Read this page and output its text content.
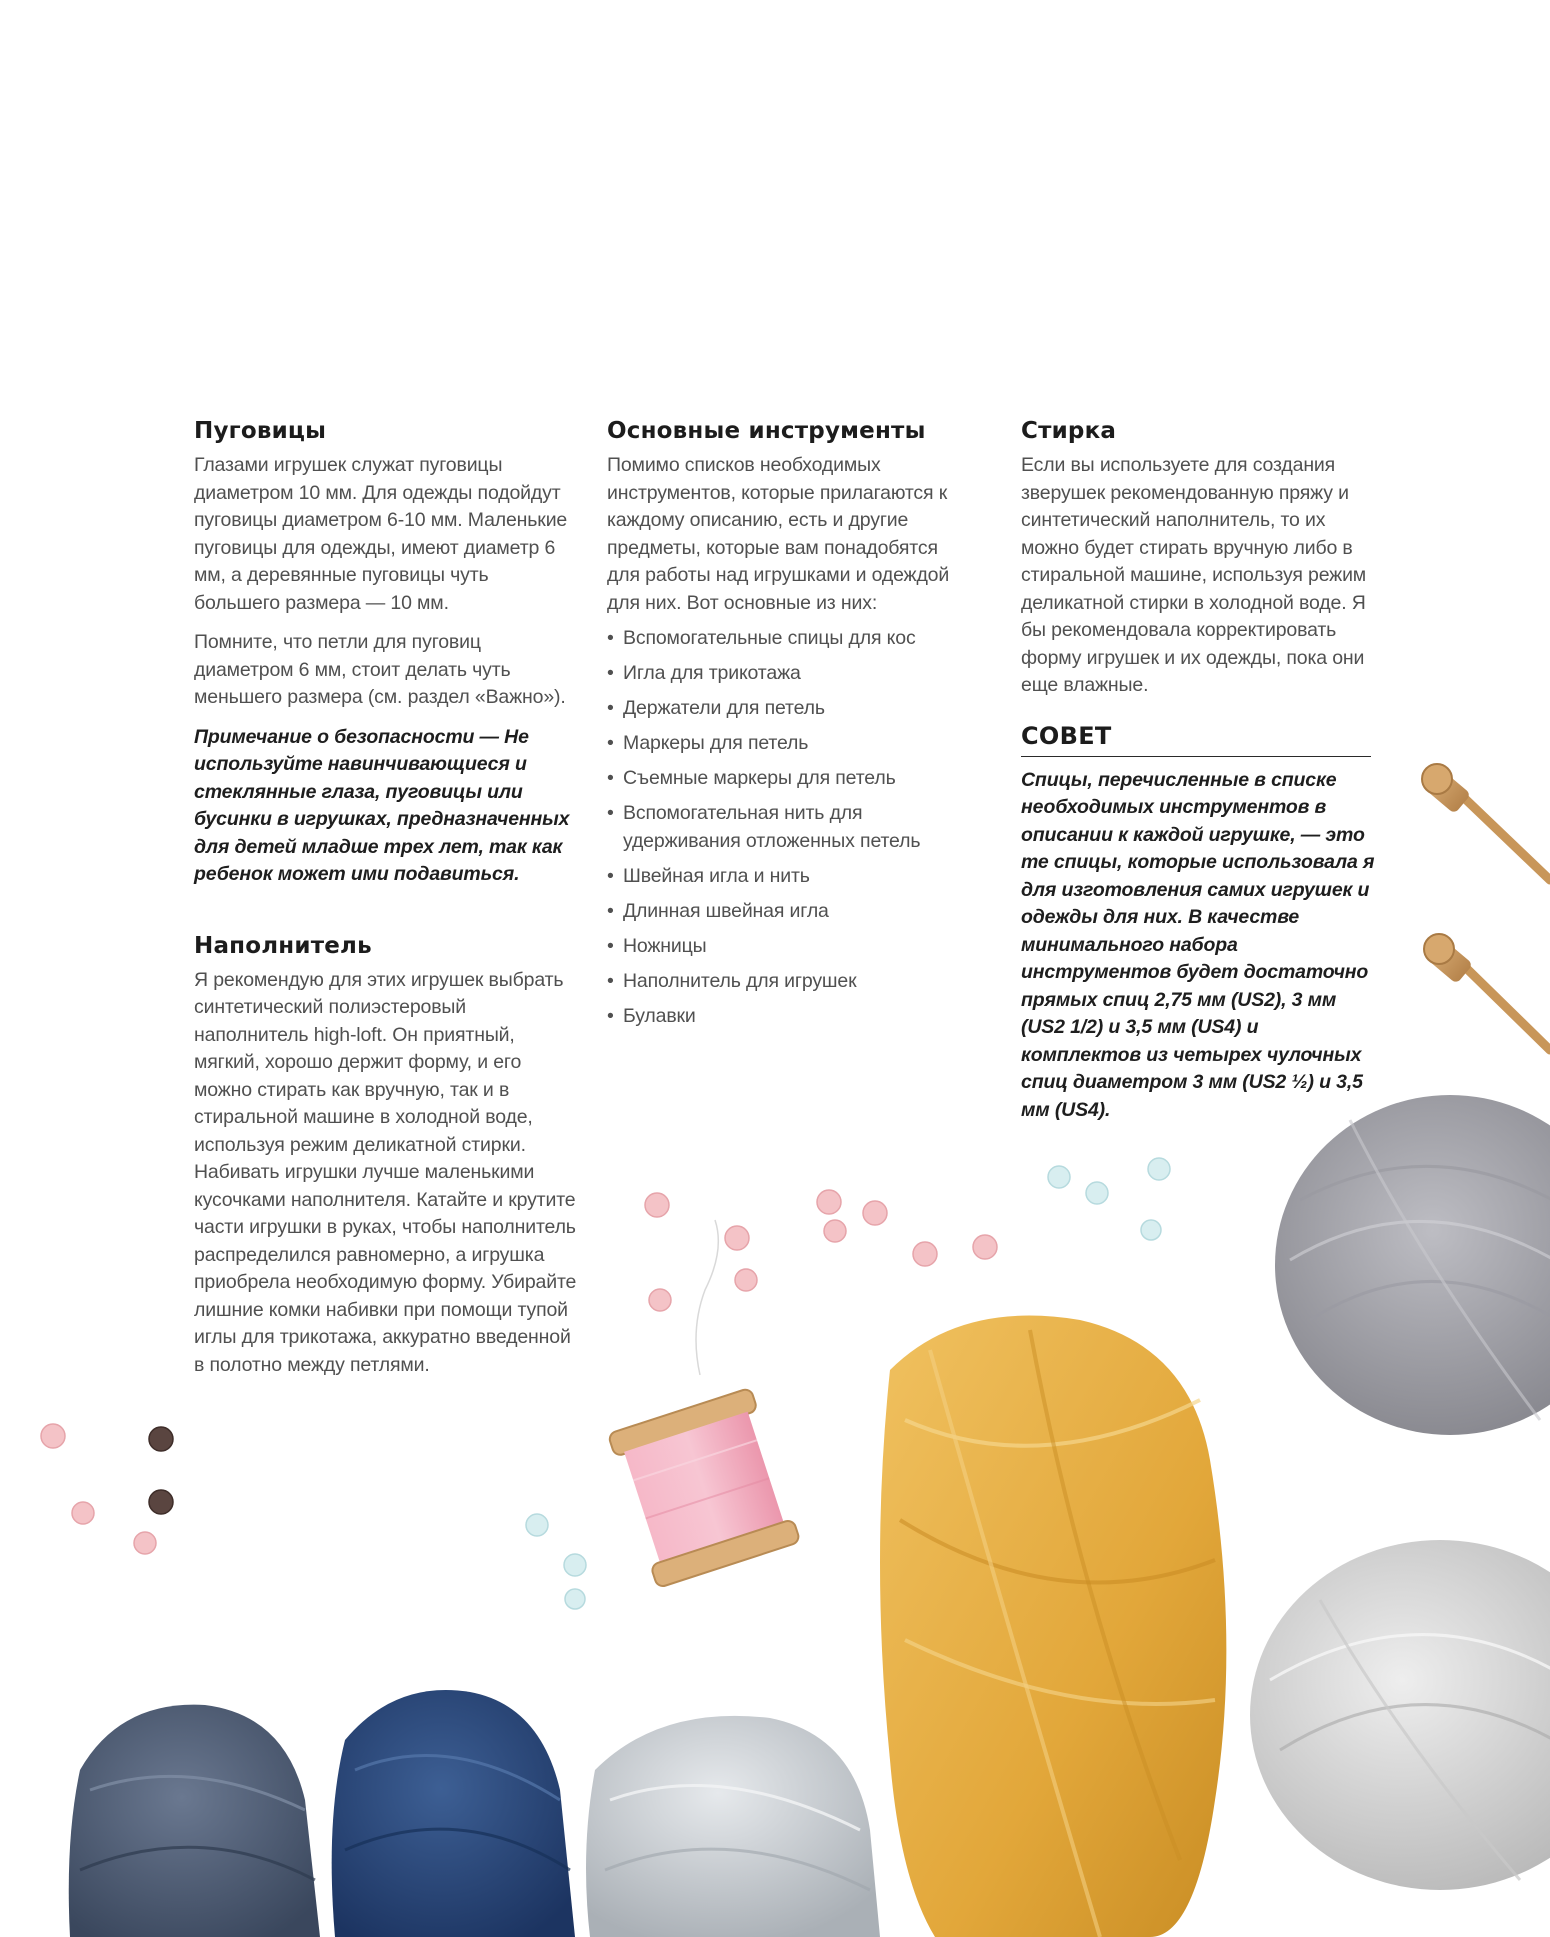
Пуговицы

Глазами игрушек служат пуговицы диаметром 10 мм. Для одежды подойдут пуговицы диаметром 6-10 мм. Маленькие пуговицы для одежды, имеют диаметр 6 мм, а деревянные пуговицы чуть большего размера — 10 мм.

Помните, что петли для пуговиц диаметром 6 мм, стоит делать чуть меньшего размера (см. раздел «Важно»).

Примечание о безопасности — Не используйте навинчивающиеся и стеклянные глаза, пуговицы или бусинки в игрушках, предназначенных для детей младше трех лет, так как ребенок может ими подавиться.

Наполнитель

Я рекомендую для этих игрушек выбрать синтетический полиэстеровый наполнитель high-loft. Он приятный, мягкий, хорошо держит форму, и его можно стирать как вручную, так и в стиральной машине в холодной воде, используя режим деликатной стирки. Набивать игрушки лучше маленькими кусочками наполнителя. Катайте и крутите части игрушки в руках, чтобы наполнитель распределился равномерно, а игрушка приобрела необходимую форму. Убирайте лишние комки набивки при помощи тупой иглы для трикотажа, аккуратно введенной в полотно между петлями.

Основные инструменты

Помимо списков необходимых инструментов, которые прилагаются к каждому описанию, есть и другие предметы, которые вам понадобятся для работы над игрушками и одеждой для них. Вот основные из них:

• Вспомогательные спицы для кос
• Игла для трикотажа
• Держатели для петель
• Маркеры для петель
• Съемные маркеры для петель
• Вспомогательная нить для удерживания отложенных петель
• Швейная игла и нить
• Длинная швейная игла
• Ножницы
• Наполнитель для игрушек
• Булавки
Стирка

Если вы используете для создания зверушек рекомендованную пряжу и синтетический наполнитель, то их можно будет стирать вручную либо в стиральной машине, используя режим деликатной стирки в холодной воде. Я бы рекомендовала корректировать форму игрушек и их одежды, пока они еще влажные.

СОВЕТ
Спицы, перечисленные в списке необходимых инструментов в описании к каждой игрушке, — это те спицы, которые использовала я для изготовления самих игрушек и одежды для них. В качестве минимального набора инструментов будет достаточно прямых спиц 2,75 мм (US2), 3 мм (US2 1/2) и 3,5 мм (US4) и комплектов из четырех чулочных спиц диаметром 3 мм (US2 ½) и 3,5 мм (US4).
